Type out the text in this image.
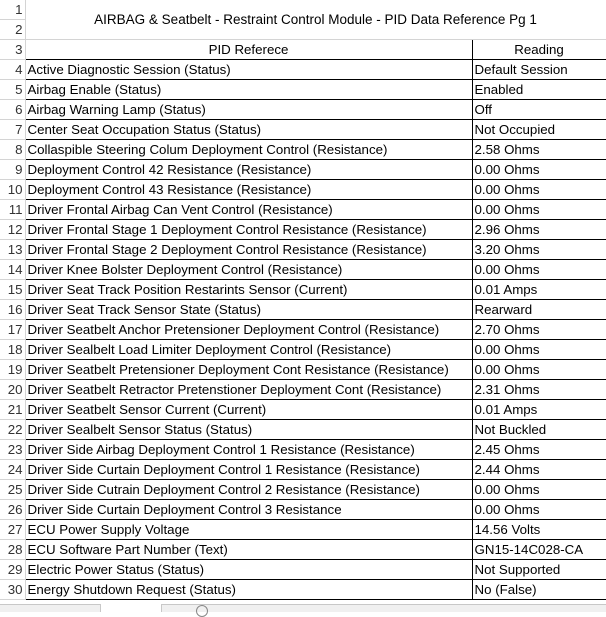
1	AIRBAG & Seatbelt - Restraint Control Module - PID Data Reference Pg 1	

2		
3	PID Referece	Reading
4	Active Diagnostic Session (Status)	Default Session
5	Airbag Enable (Status)	Enabled
6	Airbag Warning Lamp (Status)	Off
7	Center Seat Occupation Status (Status)	Not Occupied
8	Collaspible Steering Colum Deployment Control (Resistance)	2.58 Ohms
9	Deployment Control 42 Resistance (Resistance)	0.00 Ohms
10	Deployment Control 43 Resistance (Resistance)	0.00 Ohms
11	Driver Frontal Airbag Can Vent Control (Resistance)	0.00 Ohms
12	Driver Frontal Stage 1 Deployment Control Resistance (Resistance)	2.96 Ohms
13	Driver Frontal Stage 2 Deployment Control Resistance (Resistance)	3.20 Ohms
14	Driver Knee Bolster Deployment Control (Resistance)	0.00 Ohms
15	Driver Seat Track Position Restarints Sensor (Current)	0.01 Amps
16	Driver Seat Track Sensor State (Status)	Rearward
17	Driver Seatbelt Anchor Pretensioner Deployment Control (Resistance)	2.70 Ohms
18	Driver Sealbelt Load Limiter Deployment Control (Resistance)	0.00 Ohms
19	Driver Seatbelt Pretensioner Deployment Cont Resistance (Resistance)	0.00 Ohms
20	Driver Seatbelt Retractor Pretenstioner Deployment Cont (Resistance)	2.31 Ohms
21	Driver Seatbelt Sensor Current (Current)	0.01 Amps
22	Driver Sealbelt Sensor Status (Status)	Not Buckled
23	Driver Side Airbag Deployment Control 1 Resistance (Resistance)	2.45 Ohms
24	Driver Side Curtain Deployment Control 1 Resistance (Resistance)	2.44 Ohms
25	Driver Side Cutrain Deployment Control 2 Resistance (Resistance)	0.00 Ohms
26	Driver Side Curtain Deployment Control 3 Resistance	0.00 Ohms
27	ECU Power Supply Voltage	14.56 Volts
28	ECU Software Part Number (Text)	GN15-14C028-CA
29	Electric Power Status (Status)	Not Supported
30	Energy Shutdown Request (Status)	No (False)
